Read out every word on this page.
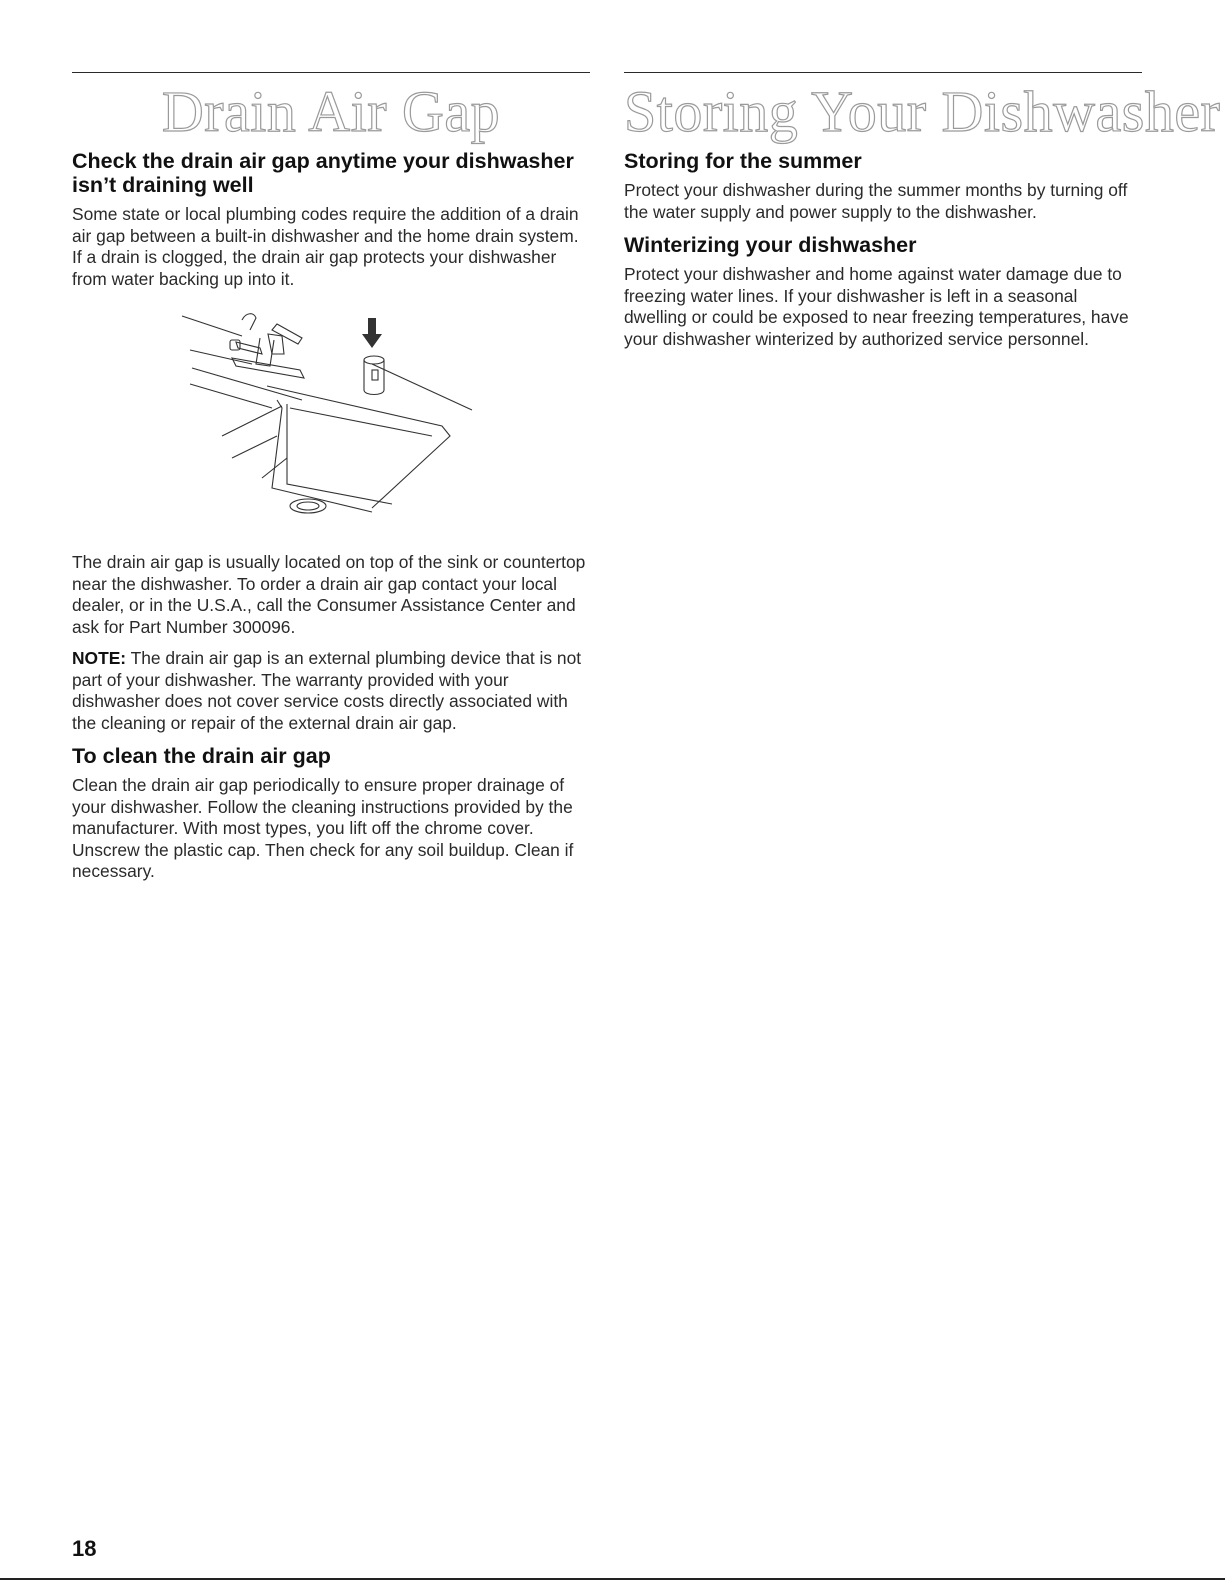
Drain Air Gap
Check the drain air gap anytime your dishwasher isn’t draining well

Some state or local plumbing codes require the addition of a drain air gap between a built-in dishwasher and the home drain system. If a drain is clogged, the drain air gap protects your dishwasher from water backing up into it.

The drain air gap is usually located on top of the sink or countertop near the dishwasher. To order a drain air gap contact your local dealer, or in the U.S.A., call the Consumer Assistance Center and ask for Part Number 300096.

NOTE: The drain air gap is an external plumbing device that is not part of your dishwasher. The warranty provided with your dishwasher does not cover service costs directly associated with the cleaning or repair of the external drain air gap.

To clean the drain air gap

Clean the drain air gap periodically to ensure proper drainage of your dishwasher. Follow the cleaning instructions provided by the manufacturer. With most types, you lift off the chrome cover. Unscrew the plastic cap. Then check for any soil buildup. Clean if necessary.

Storing Your Dishwasher
Storing for the summer

Protect your dishwasher during the summer months by turning off the water supply and power supply to the dishwasher.

Winterizing your dishwasher

Protect your dishwasher and home against water damage due to freezing water lines. If your dishwasher is left in a seasonal dwelling or could be exposed to near freezing temperatures, have your dishwasher winterized by authorized service personnel.

18
